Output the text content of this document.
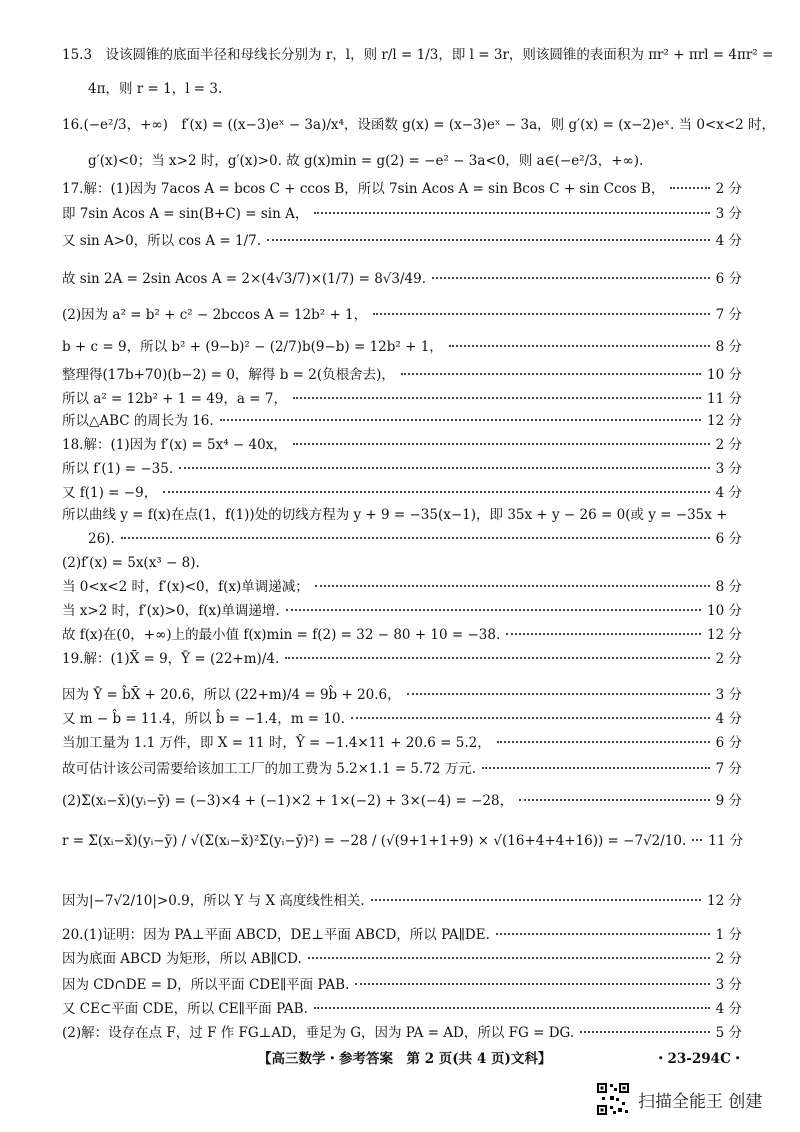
15.3　设该圆锥的底面半径和母线长分别为 r，l，则 r/l = 1/3，即 l = 3r，则该圆锥的表面积为 πr² + πrl = 4πr² =
4π，则 r = 1，l = 3.
16.(−e²/3，+∞)　f′(x) = ((x−3)eˣ − 3a)/x⁴，设函数 g(x) = (x−3)eˣ − 3a，则 g′(x) = (x−2)eˣ. 当 0<x<2 时，
g′(x)<0；当 x>2 时，g′(x)>0. 故 g(x)min = g(2) = −e² − 3a<0，则 a∈(−e²/3，+∞).
17.解：(1)因为 7acos A = bcos C + ccos B，所以 7sin Acos A = sin Bcos C + sin Ccos B，	2 分
即 7sin Acos A = sin(B+C) = sin A，	3 分
又 sin A>0，所以 cos A = 1/7.	4 分
故 sin 2A = 2sin Acos A = 2×(4√3/7)×(1/7) = 8√3/49.	6 分
(2)因为 a² = b² + c² − 2bccos A = 12b² + 1，	7 分
b + c = 9，所以 b² + (9−b)² − (2/7)b(9−b) = 12b² + 1，	8 分
整理得(17b+70)(b−2) = 0，解得 b = 2(负根舍去)，	10 分
所以 a² = 12b² + 1 = 49，a = 7，	11 分
所以△ABC 的周长为 16.	12 分
18.解：(1)因为 f′(x) = 5x⁴ − 40x，	2 分
所以 f′(1) = −35.	3 分
又 f(1) = −9，	4 分
所以曲线 y = f(x)在点(1，f(1))处的切线方程为 y + 9 = −35(x−1)，即 35x + y − 26 = 0(或 y = −35x +
26).	6 分
(2)f′(x) = 5x(x³ − 8).
当 0<x<2 时，f′(x)<0，f(x)单调递减；	8 分
当 x>2 时，f′(x)>0，f(x)单调递增.	10 分
故 f(x)在(0，+∞)上的最小值 f(x)min = f(2) = 32 − 80 + 10 = −38.	12 分
19.解：(1)X̄ = 9，Ȳ = (22+m)/4.	2 分
因为 Ȳ = b̂X̄ + 20.6，所以 (22+m)/4 = 9b̂ + 20.6，	3 分
又 m − b̂ = 11.4，所以 b̂ = −1.4，m = 10.	4 分
当加工量为 1.1 万件，即 X = 11 时，Ŷ = −1.4×11 + 20.6 = 5.2，	6 分
故可估计该公司需要给该加工工厂的加工费为 5.2×1.1 = 5.72 万元.	7 分
(2)Σ(xᵢ−x̄)(yᵢ−ȳ) = (−3)×4 + (−1)×2 + 1×(−2) + 3×(−4) = −28，	9 分
r = Σ(xᵢ−x̄)(yᵢ−ȳ) / √(Σ(xᵢ−x̄)²Σ(yᵢ−ȳ)²) = −28 / (√(9+1+1+9) × √(16+4+4+16)) = −7√2/10. 11 分
因为|−7√2/10|>0.9，所以 Y 与 X 高度线性相关.	12 分
20.(1)证明：因为 PA⊥平面 ABCD，DE⊥平面 ABCD，所以 PA∥DE.	1 分
因为底面 ABCD 为矩形，所以 AB∥CD.	2 分
因为 CD∩DE = D，所以平面 CDE∥平面 PAB.	3 分
又 CE⊂平面 CDE，所以 CE∥平面 PAB.	4 分
(2)解：设存在点 F，过 F 作 FG⊥AD，垂足为 G，因为 PA = AD，所以 FG = DG.	5 分
【高三数学・参考答案　第 2 页(共 4 页)文科】	・23-294C・
扫描全能王 创建
